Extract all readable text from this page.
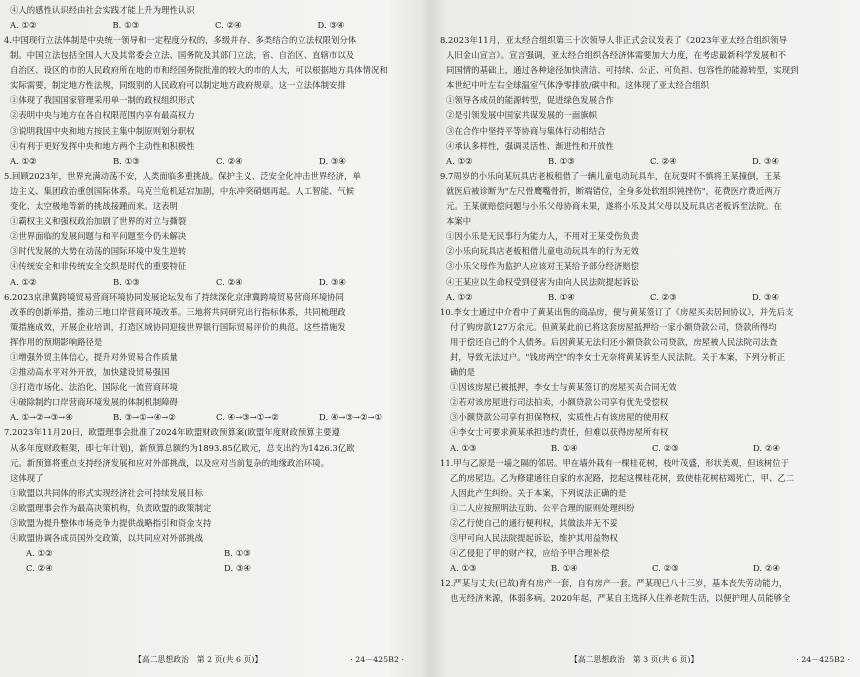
④人的感性认识经由社会实践才能上升为理性认识

A. ①②	B. ①③	C. ②④	D. ③④

4.中国现行立法体制是中央统一领导和一定程度分权的，多级并存、多类结合的立法权限划分体

制。中国立法包括全国人大及其常委会立法、国务院及其部门立法，省、自治区、直辖市以及

自治区、设区的市的人民政府所在地的市和经国务院批准的较大的市的人大，可以根据地方具体情况和

实际需要，制定地方性法规，同级别的人民政府可以制定地方政府规章。这一立法体制安排

①体现了我国国家管理采用单一制的政权组织形式

②表明中央与地方在各自权限范围内享有最高权力

③说明我国中央和地方按民主集中制原则划分职权

④有利于更好发挥中央和地方两个主动性和积极性

A. ①②	B. ①③	C. ②④	D. ③④

5.回顾2023年，世界充满动荡不安，人类面临多重挑战。保护主义、泛安全化冲击世界经济，单

边主义、集团政治重创国际体系。乌克兰危机延宕加剧，中东冲突硝烟再起。人工智能、气候

变化、太空极地等新的挑战接踵而来。这表明

①霸权主义和强权政治加剧了世界的对立与撕裂

②世界面临的发展问题与和平问题至今仍未解决

③时代发展的大势在动荡的国际环境中发生逆转

④传统安全和非传统安全交织是时代的重要特征

A. ①②	B. ①③	C. ②④	D. ③④

6.2023京津冀跨境贸易营商环境协同发展论坛发布了持续深化京津冀跨境贸易营商环境协同

改革的创新举措，推动三地口岸营商环境改革。三地将共同研究出行指标体系，共同梳理政

策措施成效，开展企业培训，打造区域协同迎接世界银行国际贸易评价的典范。这些措施发

挥作用的预期影响路径是

①增强外贸主体信心，提升对外贸易合作质量

②推动高水平对外开放，加快建设贸易强国

③打造市场化、法治化、国际化一流营商环境

④破除制约口岸营商环境发展的体制机制障碍

A. ①→②→③→④	B. ③→①→④→②	C. ④→③→①→②	D. ④→③→②→①

7.2023年11月20日，欧盟理事会批准了2024年欧盟财政预算案(欧盟年度财政预算主要遵

从多年度财政框架，即七年计划)，新预算总额约为1893.85亿欧元，总支出约为1426.3亿欧

元。新预算将重点支持经济发展和应对外部挑战，以及应对当前复杂的地缘政治环境。

这体现了

①欧盟以共同体的形式实现经济社会可持续发展目标

②欧盟理事会作为最高决策机构，负责欧盟的政策制定

③欧盟为提升整体市场竞争力提供战略指引和资金支持

④欧盟协调各成员国外交政策，以共同应对外部挑战

A. ①②	B. ①③
C. ②④	D. ③④
【高二思想政治　第 2 页(共 6 页)】	· 24－425B2 ·

8.2023年11月，亚太经合组织第三十次领导人非正式会议发表了《2023年亚太经合组织领导

人旧金山宣言》。宣言强调，亚太经合组织各经济体需要加大力度，在考虑最新科学发展和不

同国情的基础上，通过各种途径加快清洁、可持续、公正、可负担、包容性的能源转型，实现到

本世纪中叶左右全球温室气体净零排放/碳中和。这体现了亚太经合组织

①领导各成员的能源转型，促进绿色发展合作

②是引领发展中国家共谋发展的一面旗帜

③在合作中坚持平等协商与集体行动相结合

④承认多样性，强调灵活性、渐进性和开放性

A. ①②	B. ①③	C. ②④	D. ③④

9.7周岁的小乐向某玩具店老板租借了一辆儿童电动玩具车，在玩耍时不慎将王某撞倒，王某

就医后被诊断为"左尺骨鹰嘴骨折，断端错位，全身多处软组织钝挫伤"，花费医疗费近两万

元。王某就赔偿问题与小乐父母协商未果，遂将小乐及其父母以及玩具店老板诉至法院。在

本案中

①因小乐是无民事行为能力人，不用对王某受伤负责

②小乐向玩具店老板租借儿童电动玩具车的行为无效

③小乐父母作为监护人应该对王某给予部分经济赔偿

④王某应以生命权受到侵害为由向人民法院提起诉讼

A. ①②	B. ①④	C. ②③	D. ③④

10.李女士通过中介看中了黄某出售的商品房，便与黄某签订了《房屋买卖居间协议》，并先后支

付了购房款127万余元。但黄某此前已将这套房屋抵押给一家小额贷款公司，贷款所得均

用于偿还自己的个人债务。后因黄某无法归还小额贷款公司贷款，房屋被人民法院司法查

封，导致无法过户。"钱房两空"的李女士无奈将黄某诉至人民法院。关于本案，下列分析正

确的是

①因该房屋已被抵押，李女士与黄某签订的房屋买卖合同无效

②若对该房屋进行司法拍卖，小额贷款公司享有优先受偿权

③小额贷款公司享有担保物权，实质性占有该房屋的使用权

④李女士可要求黄某承担违约责任，但难以获得房屋所有权

A. ①③	B. ①④	C. ②③	D. ②④

11.甲与乙原是一墙之隔的邻居。甲在墙外栽有一棵桂花树，枝叶茂盛，形状美观，但该树位于

乙的房屋边。乙为修建通往自家的水泥路，挖起这棵桂花树，致使桂花树枯竭死亡，甲、乙二

人因此产生纠纷。关于本案，下列说法正确的是

①二人应按照明法互助、公平合理的原则处理纠纷

②乙行使自己的通行便利权，其做法并无不妥

③甲可向人民法院提起诉讼，维护其用益物权

④乙侵犯了甲的财产权，应给予甲合理补偿

A. ①③	B. ①④	C. ②③	D. ②④

12.严某与丈夫(已故)育有房产一套，自有房产一套。严某现已八十三岁，基本丧失劳动能力，

也无经济来源，体弱多病。2020年起，严某自主选择入住养老院生活，以便护理人员能够全

【高二思想政治　第 3 页(共 6 页)】	· 24－425B2 ·
